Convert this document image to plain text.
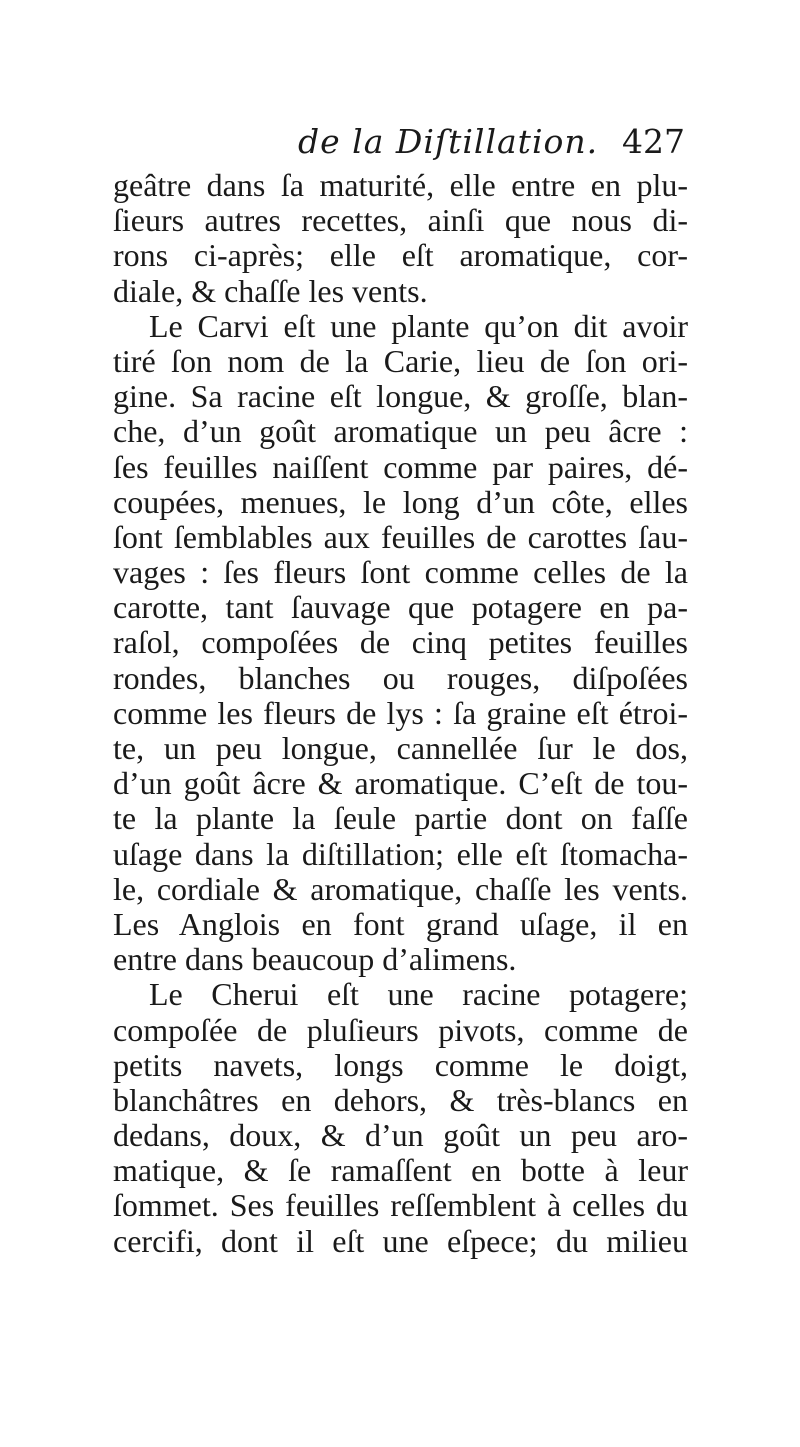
de la Diſtillation. 427
geâtre dans ſa maturité, elle entre en plu-
ſieurs autres recettes, ainſi que nous di-
rons ci-après; elle eſt aromatique, cor-
diale, & chaſſe les vents.
Le Carvi eſt une plante qu’on dit avoir
tiré ſon nom de la Carie, lieu de ſon ori-
gine. Sa racine eſt longue, & groſſe, blan-
che, d’un goût aromatique un peu âcre :
ſes feuilles naiſſent comme par paires, dé-
coupées, menues, le long d’un côte, elles
ſont ſemblables aux feuilles de carottes ſau-
vages : ſes fleurs ſont comme celles de la
carotte, tant ſauvage que potagere en pa-
raſol, compoſées de cinq petites feuilles
rondes, blanches ou rouges, diſpoſées
comme les fleurs de lys : ſa graine eſt étroi-
te, un peu longue, cannellée ſur le dos,
d’un goût âcre & aromatique. C’eſt de tou-
te la plante la ſeule partie dont on faſſe
uſage dans la diſtillation; elle eſt ſtomacha-
le, cordiale & aromatique, chaſſe les vents.
Les Anglois en font grand uſage, il en
entre dans beaucoup d’alimens.
Le Cherui eſt une racine potagere;
compoſée de pluſieurs pivots, comme de
petits navets, longs comme le doigt,
blanchâtres en dehors, & très-blancs en
dedans, doux, & d’un goût un peu aro-
matique, & ſe ramaſſent en botte à leur
ſommet. Ses feuilles reſſemblent à celles du
cercifi, dont il eſt une eſpece; du milieu
